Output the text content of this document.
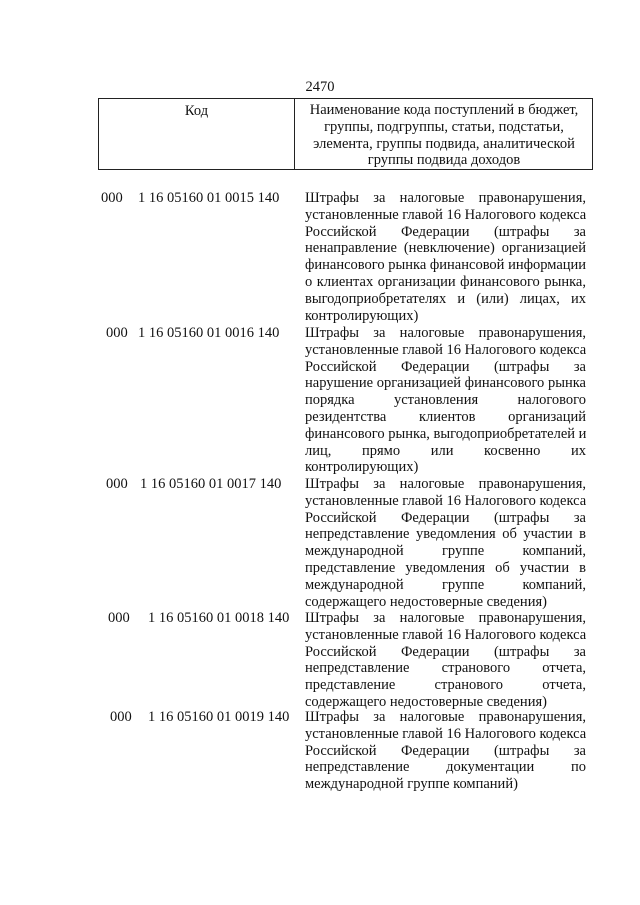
2470
Код	Наименование кода поступлений в бюджет,
группы, подгруппы, статьи, подстатьи,
элемента, группы подвида, аналитической
группы подвида доходов
000 1 16 05160 01 0015 140 Штрафы за налоговые правонарушения,
установленные главой 16 Налогового кодекса
Российской Федерации (штрафы за
ненаправление (невключение) организацией
финансового рынка финансовой информации
о клиентах организации финансового рынка,
выгодоприобретателях и (или) лицах, их
контролирующих)
000 1 16 05160 01 0016 140 Штрафы за налоговые правонарушения,
установленные главой 16 Налогового кодекса
Российской Федерации (штрафы за
нарушение организацией финансового рынка
порядка установления налогового
резидентства клиентов организаций
финансового рынка, выгодоприобретателей и
лиц, прямо или косвенно их
контролирующих)
000 1 16 05160 01 0017 140 Штрафы за налоговые правонарушения,
установленные главой 16 Налогового кодекса
Российской Федерации (штрафы за
непредставление уведомления об участии в
международной группе компаний,
представление уведомления об участии в
международной группе компаний,
содержащего недостоверные сведения)
000 1 16 05160 01 0018 140 Штрафы за налоговые правонарушения,
установленные главой 16 Налогового кодекса
Российской Федерации (штрафы за
непредставление странового отчета,
представление странового отчета,
содержащего недостоверные сведения)
000 1 16 05160 01 0019 140 Штрафы за налоговые правонарушения,
установленные главой 16 Налогового кодекса
Российской Федерации (штрафы за
непредставление документации по
международной группе компаний)
